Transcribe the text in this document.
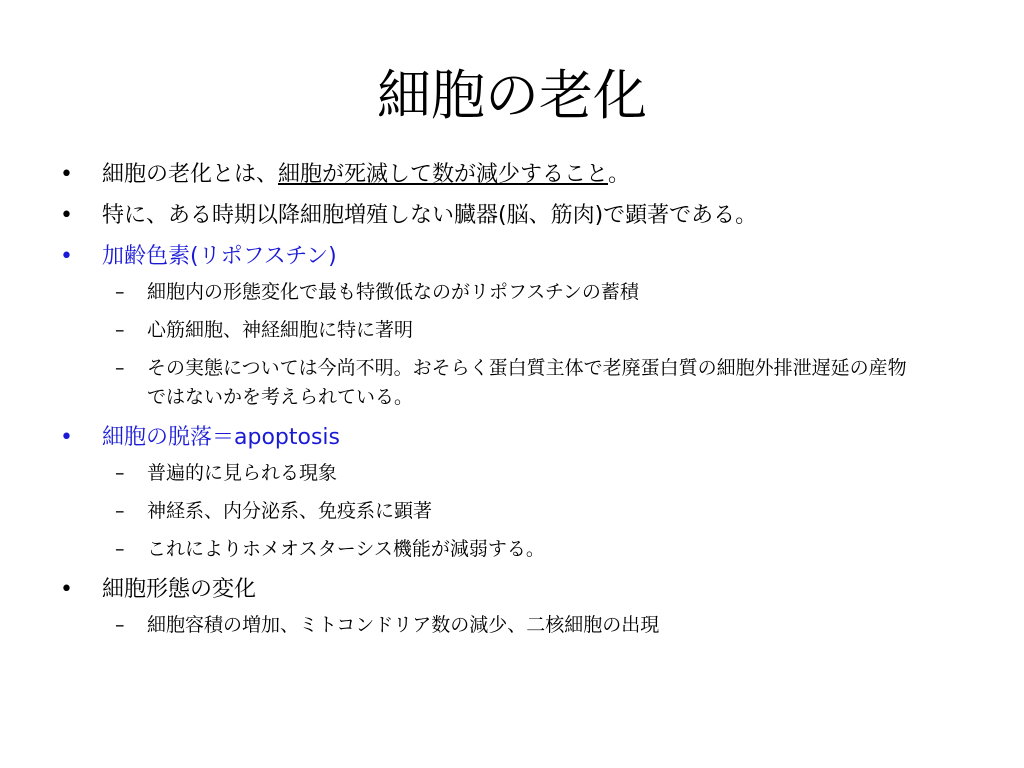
細胞の老化
• 細胞の老化とは、細胞が死滅して数が減少すること。
• 特に、ある時期以降細胞増殖しない臓器(脳、筋肉)で顕著である。
• 加齢色素(リポフスチン)
– 細胞内の形態変化で最も特徴低なのがリポフスチンの蓄積
– 心筋細胞、神経細胞に特に著明
– その実態については今尚不明。おそらく蛋白質主体で老廃蛋白質の細胞外排泄遅延の産物ではないかを考えられている。
• 細胞の脱落＝apoptosis
– 普遍的に見られる現象
– 神経系、内分泌系、免疫系に顕著
– これによりホメオスターシス機能が減弱する。
• 細胞形態の変化
– 細胞容積の増加、ミトコンドリア数の減少、二核細胞の出現
